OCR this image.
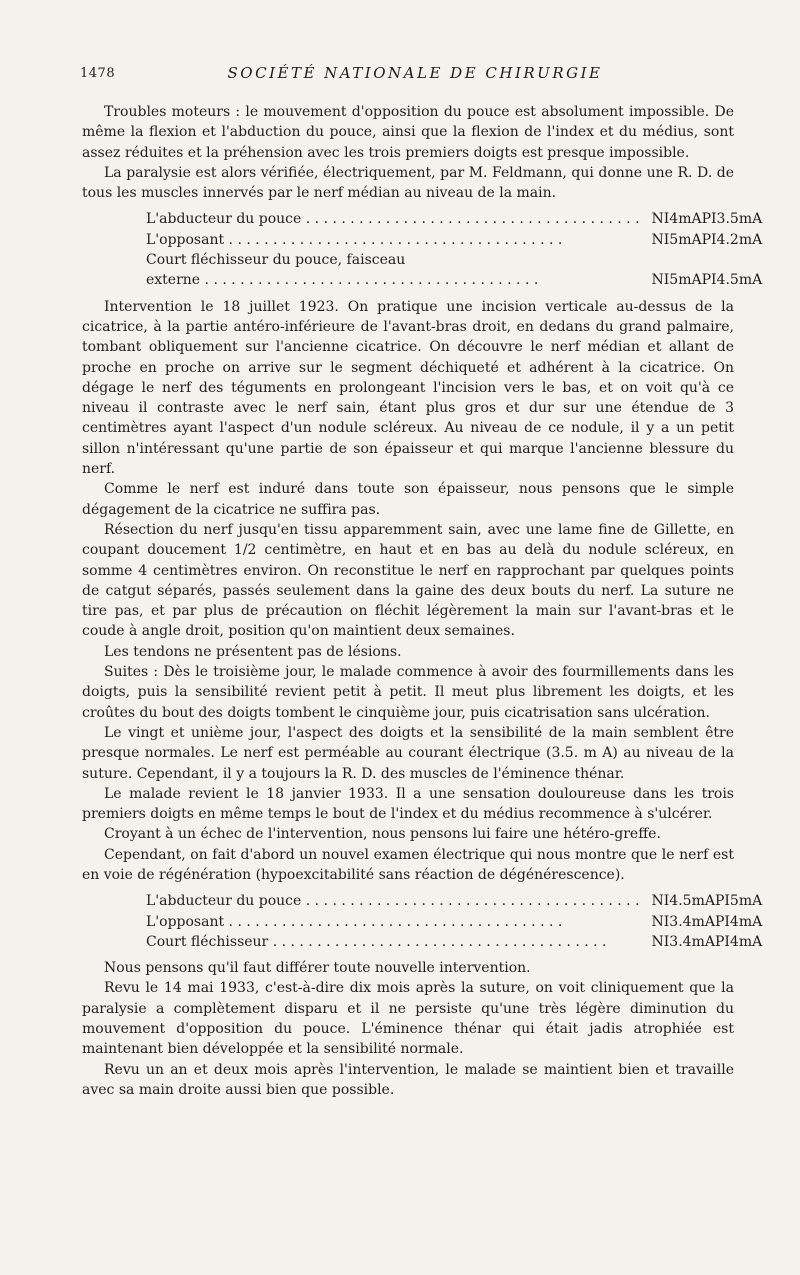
1478	SOCIÉTÉ NATIONALE DE CHIRURGIE

Troubles moteurs : le mouvement d'opposition du pouce est absolument impossible. De même la flexion et l'abduction du pouce, ainsi que la flexion de l'index et du médius, sont assez réduites et la préhension avec les trois premiers doigts est presque impossible.

La paralysie est alors vérifiée, électriquement, par M. Feldmann, qui donne une R. D. de tous les muscles innervés par le nerf médian au niveau de la main.

L'abducteur du pouce . . .	NI4mA	PI3.5mA

L'opposant . . .	NI5mA	PI4.2mA

Court fléchisseur du pouce, faisceau		

externe . . .	NI5mA	PI4.5mA

Intervention le 18 juillet 1923. On pratique une incision verticale au-dessus de la cicatrice, à la partie antéro-inférieure de l'avant-bras droit, en dedans du grand palmaire, tombant obliquement sur l'ancienne cicatrice. On découvre le nerf médian et allant de proche en proche on arrive sur le segment déchiqueté et adhérent à la cicatrice. On dégage le nerf des téguments en prolongeant l'incision vers le bas, et on voit qu'à ce niveau il contraste avec le nerf sain, étant plus gros et dur sur une étendue de 3 centimètres ayant l'aspect d'un nodule scléreux. Au niveau de ce nodule, il y a un petit sillon n'intéressant qu'une partie de son épaisseur et qui marque l'ancienne blessure du nerf.

Comme le nerf est induré dans toute son épaisseur, nous pensons que le simple dégagement de la cicatrice ne suffira pas.

Résection du nerf jusqu'en tissu apparemment sain, avec une lame fine de Gillette, en coupant doucement 1/2 centimètre, en haut et en bas au delà du nodule scléreux, en somme 4 centimètres environ. On reconstitue le nerf en rapprochant par quelques points de catgut séparés, passés seulement dans la gaine des deux bouts du nerf. La suture ne tire pas, et par plus de précaution on fléchit légèrement la main sur l'avant-bras et le coude à angle droit, position qu'on maintient deux semaines.

Les tendons ne présentent pas de lésions.

Suites : Dès le troisième jour, le malade commence à avoir des fourmillements dans les doigts, puis la sensibilité revient petit à petit. Il meut plus librement les doigts, et les croûtes du bout des doigts tombent le cinquième jour, puis cicatrisation sans ulcération.

Le vingt et unième jour, l'aspect des doigts et la sensibilité de la main semblent être presque normales. Le nerf est perméable au courant électrique (3.5. m A) au niveau de la suture. Cependant, il y a toujours la R. D. des muscles de l'éminence thénar.

Le malade revient le 18 janvier 1933. Il a une sensation douloureuse dans les trois premiers doigts en même temps le bout de l'index et du médius recommence à s'ulcérer.

Croyant à un échec de l'intervention, nous pensons lui faire une hétéro-greffe.

Cependant, on fait d'abord un nouvel examen électrique qui nous montre que le nerf est en voie de régénération (hypoexcitabilité sans réaction de dégénérescence).

L'abducteur du pouce . . .	NI4.5mA	PI5mA

L'opposant . . .	NI3.4mA	PI4mA

Court fléchisseur . . .	NI3.4mA	PI4mA

Nous pensons qu'il faut différer toute nouvelle intervention.

Revu le 14 mai 1933, c'est-à-dire dix mois après la suture, on voit cliniquement que la paralysie a complètement disparu et il ne persiste qu'une très légère diminution du mouvement d'opposition du pouce. L'éminence thénar qui était jadis atrophiée est maintenant bien développée et la sensibilité normale.

Revu un an et deux mois après l'intervention, le malade se maintient bien et travaille avec sa main droite aussi bien que possible.
